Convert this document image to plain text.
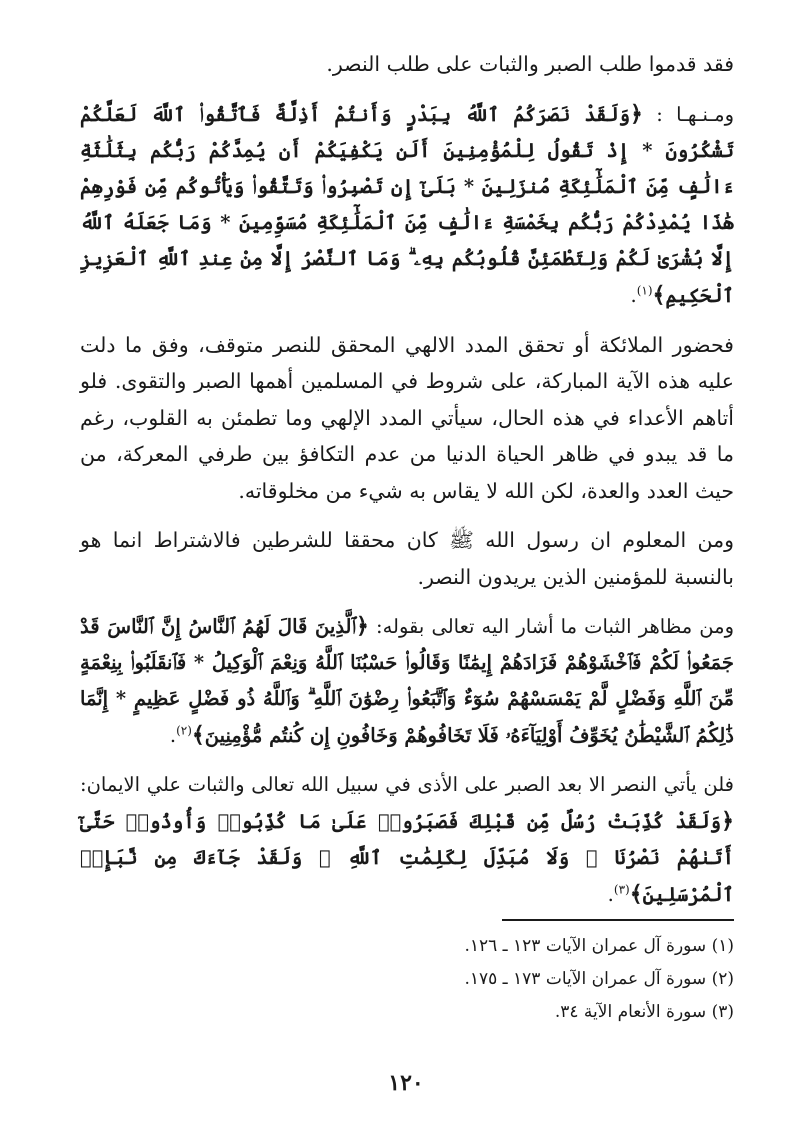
فقد قدموا طلب الصبر والثبات على طلب النصر.

ومـنـهـا : ﴿وَلَقَدْ نَصَرَكُمُ ٱللَّهُ بِبَدْرٍ وَأَنتُمْ أَذِلَّةٌ فَٱتَّقُوا۟ ٱللَّهَ لَعَلَّكُمْ تَشْكُرُونَ * إِذْ تَقُولُ لِلْمُؤْمِنِينَ أَلَن يَكْفِيَكُمْ أَن يُمِدَّكُمْ رَبُّكُم بِثَلَٰثَةِ ءَالَٰفٍ مِّنَ ٱلْمَلَٰٓئِكَةِ مُنزَلِينَ * بَلَىٰٓ إِن تَصْبِرُوا۟ وَتَتَّقُوا۟ وَيَأْتُوكُم مِّن فَوْرِهِمْ هَٰذَا يُمْدِدْكُمْ رَبُّكُم بِخَمْسَةِ ءَالَٰفٍ مِّنَ ٱلْمَلَٰٓئِكَةِ مُسَوِّمِينَ * وَمَا جَعَلَهُ ٱللَّهُ إِلَّا بُشْرَىٰ لَكُمْ وَلِتَطْمَئِنَّ قُلُوبُكُم بِهِۦ ۗ وَمَا ٱلنَّصْرُ إِلَّا مِنْ عِندِ ٱللَّهِ ٱلْعَزِيزِ ٱلْحَكِيمِ﴾$^{(١)}$.

فحضور الملائكة أو تحقق المدد الالهي المحقق للنصر متوقف، وفق ما دلت عليه هذه الآية المباركة، على شروط في المسلمين أهمها الصبر والتقوى. فلو أتاهم الأعداء في هذه الحال، سيأتي المدد الإلهي وما تطمئن به القلوب، رغم ما قد يبدو في ظاهر الحياة الدنيا من عدم التكافؤ بين طرفي المعركة، من حيث العدد والعدة، لكن الله لا يقاس به شيء من مخلوقاته.

ومن المعلوم ان رسول الله ﷺ كان محققا للشرطين فالاشتراط انما هو بالنسبة للمؤمنين الذين يريدون النصر.

ومن مظاهر الثبات ما أشار اليه تعالى بقوله: ﴿ٱلَّذِينَ قَالَ لَهُمُ ٱلنَّاسُ إِنَّ ٱلنَّاسَ قَدْ جَمَعُوا۟ لَكُمْ فَٱخْشَوْهُمْ فَزَادَهُمْ إِيمَٰنًا وَقَالُوا۟ حَسْبُنَا ٱللَّهُ وَنِعْمَ ٱلْوَكِيلُ * فَٱنقَلَبُوا۟ بِنِعْمَةٍ مِّنَ ٱللَّهِ وَفَضْلٍ لَّمْ يَمْسَسْهُمْ سُوٓءٌ وَٱتَّبَعُوا۟ رِضْوَٰنَ ٱللَّهِ ۗ وَٱللَّهُ ذُو فَضْلٍ عَظِيمٍ * إِنَّمَا ذَٰلِكُمُ ٱلشَّيْطَٰنُ يُخَوِّفُ أَوْلِيَآءَهُۥ فَلَا تَخَافُوهُمْ وَخَافُونِ إِن كُنتُم مُّؤْمِنِينَ﴾$^{(٢)}$.

فلن يأتي النصر الا بعد الصبر على الأذى في سبيل الله تعالى والثبات علي الايمان: ﴿وَلَقَدْ كُذِّبَتْ رُسُلٌ مِّن قَبْلِكَ فَصَبَرُوا۟ عَلَىٰ مَا كُذِّبُوا۟ وَأُوذُوا۟ حَتَّىٰٓ أَتَىٰهُمْ نَصْرُنَا ۚ وَلَا مُبَدِّلَ لِكَلِمَٰتِ ٱللَّهِ ۚ وَلَقَدْ جَآءَكَ مِن نَّبَإِى۟ ٱلْمُرْسَلِينَ﴾$^{(٣)}$.

(١) سورة آل عمران الآيات ١٢٣ ـ ١٢٦.

(٢) سورة آل عمران الآيات ١٧٣ ـ ١٧٥.

(٣) سورة الأنعام الآية ٣٤.

١٢٠
